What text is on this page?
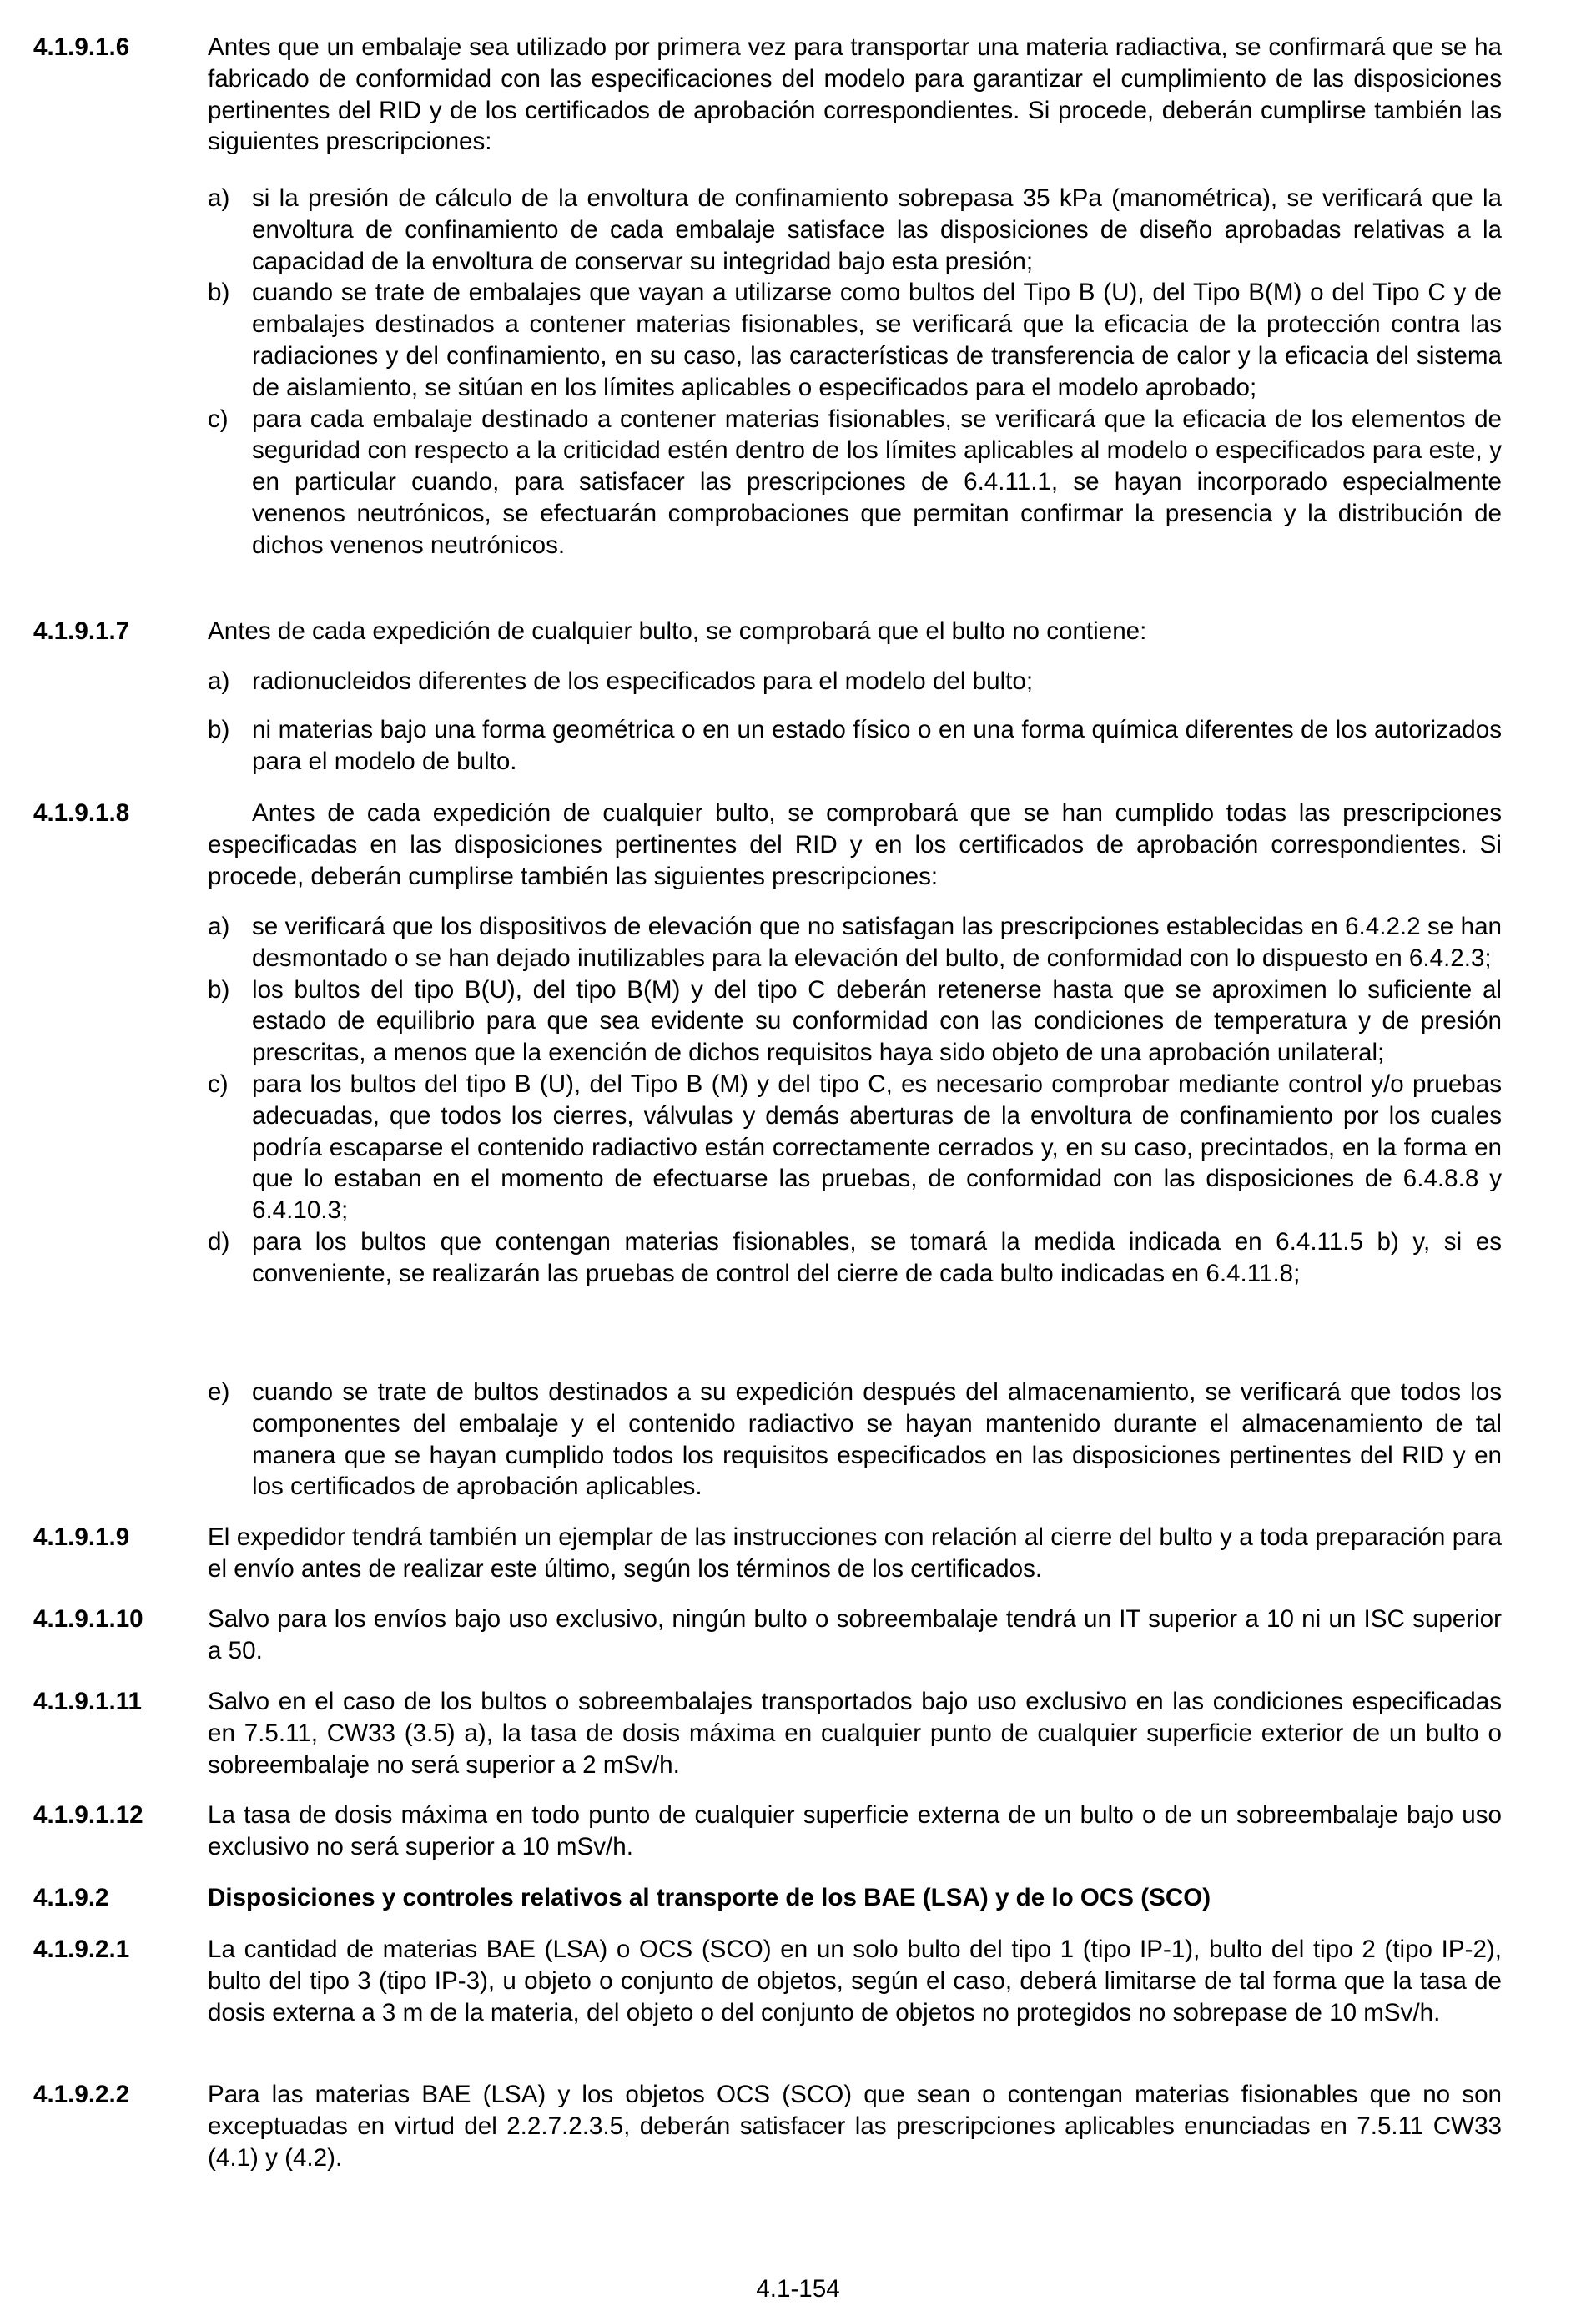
4.1.9.1.6	Antes que un embalaje sea utilizado por primera vez para transportar una materia radiactiva, se confirmará que se ha fabricado de conformidad con las especificaciones del modelo para garantizar el cumplimiento de las disposiciones pertinentes del RID y de los certificados de aprobación correspondientes. Si procede, deberán cumplirse también las siguientes prescripciones:
a) si la presión de cálculo de la envoltura de confinamiento sobrepasa 35 kPa (manométrica), se verificará que la envoltura de confinamiento de cada embalaje satisface las disposiciones de diseño aprobadas relativas a la capacidad de la envoltura de conservar su integridad bajo esta presión;
b) cuando se trate de embalajes que vayan a utilizarse como bultos del Tipo B (U), del Tipo B(M) o del Tipo C y de embalajes destinados a contener materias fisionables, se verificará que la eficacia de la protección contra las radiaciones y del confinamiento, en su caso, las características de transferencia de calor y la eficacia del sistema de aislamiento, se sitúan en los límites aplicables o especificados para el modelo aprobado;
c) para cada embalaje destinado a contener materias fisionables, se verificará que la eficacia de los elementos de seguridad con respecto a la criticidad estén dentro de los límites aplicables al modelo o especificados para este, y en particular cuando, para satisfacer las prescripciones de 6.4.11.1, se hayan incorporado especialmente venenos neutrónicos, se efectuarán comprobaciones que permitan confirmar la presencia y la distribución de dichos venenos neutrónicos.
4.1.9.1.7	Antes de cada expedición de cualquier bulto, se comprobará que el bulto no contiene:
a) radionucleidos diferentes de los especificados para el modelo del bulto;
b) ni materias bajo una forma geométrica o en un estado físico o en una forma química diferentes de los autorizados para el modelo de bulto.
4.1.9.1.8	Antes de cada expedición de cualquier bulto, se comprobará que se han cumplido todas las prescripciones especificadas en las disposiciones pertinentes del RID y en los certificados de aprobación correspondientes. Si procede, deberán cumplirse también las siguientes prescripciones:
a) se verificará que los dispositivos de elevación que no satisfagan las prescripciones establecidas en 6.4.2.2 se han desmontado o se han dejado inutilizables para la elevación del bulto, de conformidad con lo dispuesto en 6.4.2.3;
b) los bultos del tipo B(U), del tipo B(M) y del tipo C deberán retenerse hasta que se aproximen lo suficiente al estado de equilibrio para que sea evidente su conformidad con las condiciones de temperatura y de presión prescritas, a menos que la exención de dichos requisitos haya sido objeto de una aprobación unilateral;
c) para los bultos del tipo B (U), del Tipo B (M) y del tipo C, es necesario comprobar mediante control y/o pruebas adecuadas, que todos los cierres, válvulas y demás aberturas de la envoltura de confinamiento por los cuales podría escaparse el contenido radiactivo están correctamente cerrados y, en su caso, precintados, en la forma en que lo estaban en el momento de efectuarse las pruebas, de conformidad con las disposiciones de 6.4.8.8 y 6.4.10.3;
d) para los bultos que contengan materias fisionables, se tomará la medida indicada en 6.4.11.5 b) y, si es conveniente, se realizarán las pruebas de control del cierre de cada bulto indicadas en 6.4.11.8;
e) cuando se trate de bultos destinados a su expedición después del almacenamiento, se verificará que todos los componentes del embalaje y el contenido radiactivo se hayan mantenido durante el almacenamiento de tal manera que se hayan cumplido todos los requisitos especificados en las disposiciones pertinentes del RID y en los certificados de aprobación aplicables.
4.1.9.1.9	El expedidor tendrá también un ejemplar de las instrucciones con relación al cierre del bulto y a toda preparación para el envío antes de realizar este último, según los términos de los certificados.
4.1.9.1.10	Salvo para los envíos bajo uso exclusivo, ningún bulto o sobreembalaje tendrá un IT superior a 10 ni un ISC superior a 50.
4.1.9.1.11	Salvo en el caso de los bultos o sobreembalajes transportados bajo uso exclusivo en las condiciones especificadas en 7.5.11, CW33 (3.5) a), la tasa de dosis máxima en cualquier punto de cualquier superficie exterior de un bulto o sobreembalaje no será superior a 2 mSv/h.
4.1.9.1.12	La tasa de dosis máxima en todo punto de cualquier superficie externa de un bulto o de un sobreembalaje bajo uso exclusivo no será superior a 10 mSv/h.
4.1.9.2	Disposiciones y controles relativos al transporte de los BAE (LSA) y de lo OCS (SCO)
4.1.9.2.1	La cantidad de materias BAE (LSA) o OCS (SCO) en un solo bulto del tipo 1 (tipo IP-1), bulto del tipo 2 (tipo IP-2), bulto del tipo 3 (tipo IP-3), u objeto o conjunto de objetos, según el caso, deberá limitarse de tal forma que la tasa de dosis externa a 3 m de la materia, del objeto o del conjunto de objetos no protegidos no sobrepase de 10 mSv/h.
4.1.9.2.2	Para las materias BAE (LSA) y los objetos OCS (SCO) que sean o contengan materias fisionables que no son exceptuadas en virtud del 2.2.7.2.3.5, deberán satisfacer las prescripciones aplicables enunciadas en 7.5.11 CW33 (4.1) y (4.2).
4.1-154
